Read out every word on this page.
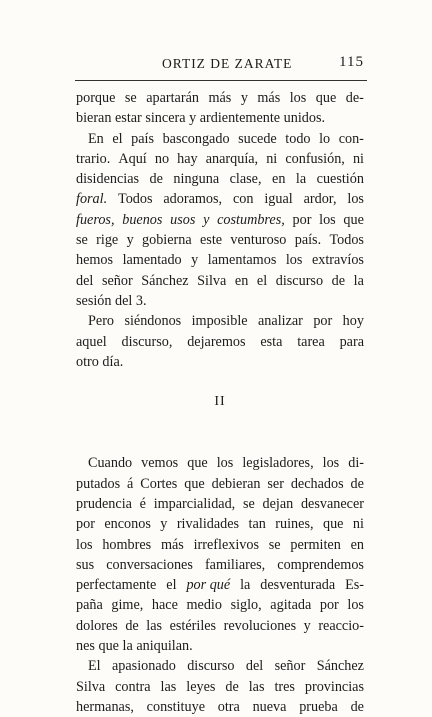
ORTIZ DE ZARATE	115
porque se apartarán más y más los que de-
bieran
estar
sincera
y
ardientemente
unidos.
En el país bascongado sucede todo lo con-
trario. Aquí no hay anarquía, ni confusión, ni
disidencias de ninguna clase, en la cuestión
foral. Todos adoramos, con igual ardor, los
fueros, buenos usos y costumbres, por los que
se rige y gobierna este venturoso país. Todos
hemos lamentado y lamentamos los extravíos
del señor Sánchez Silva en el discurso de la
sesión
del
3.
Pero siéndonos imposible analizar por hoy
aquel discurso, dejaremos esta tarea para
otro
día.
II
Cuando vemos que los legisladores, los di-
putados á Cortes que debieran ser dechados de
prudencia é imparcialidad, se dejan desvanecer
por enconos y rivalidades tan ruines, que ni
los hombres más irreflexivos se permiten en
sus conversaciones familiares, comprendemos
perfectamente el por qué la desventurada Es-
paña gime, hace medio siglo, agitada por los
dolores de las estériles revoluciones y reaccio-
nes
que
la
aniquilan.
El apasionado discurso del señor Sánchez
Silva contra las leyes de las tres provincias
hermanas, constituye otra nueva prueba de
